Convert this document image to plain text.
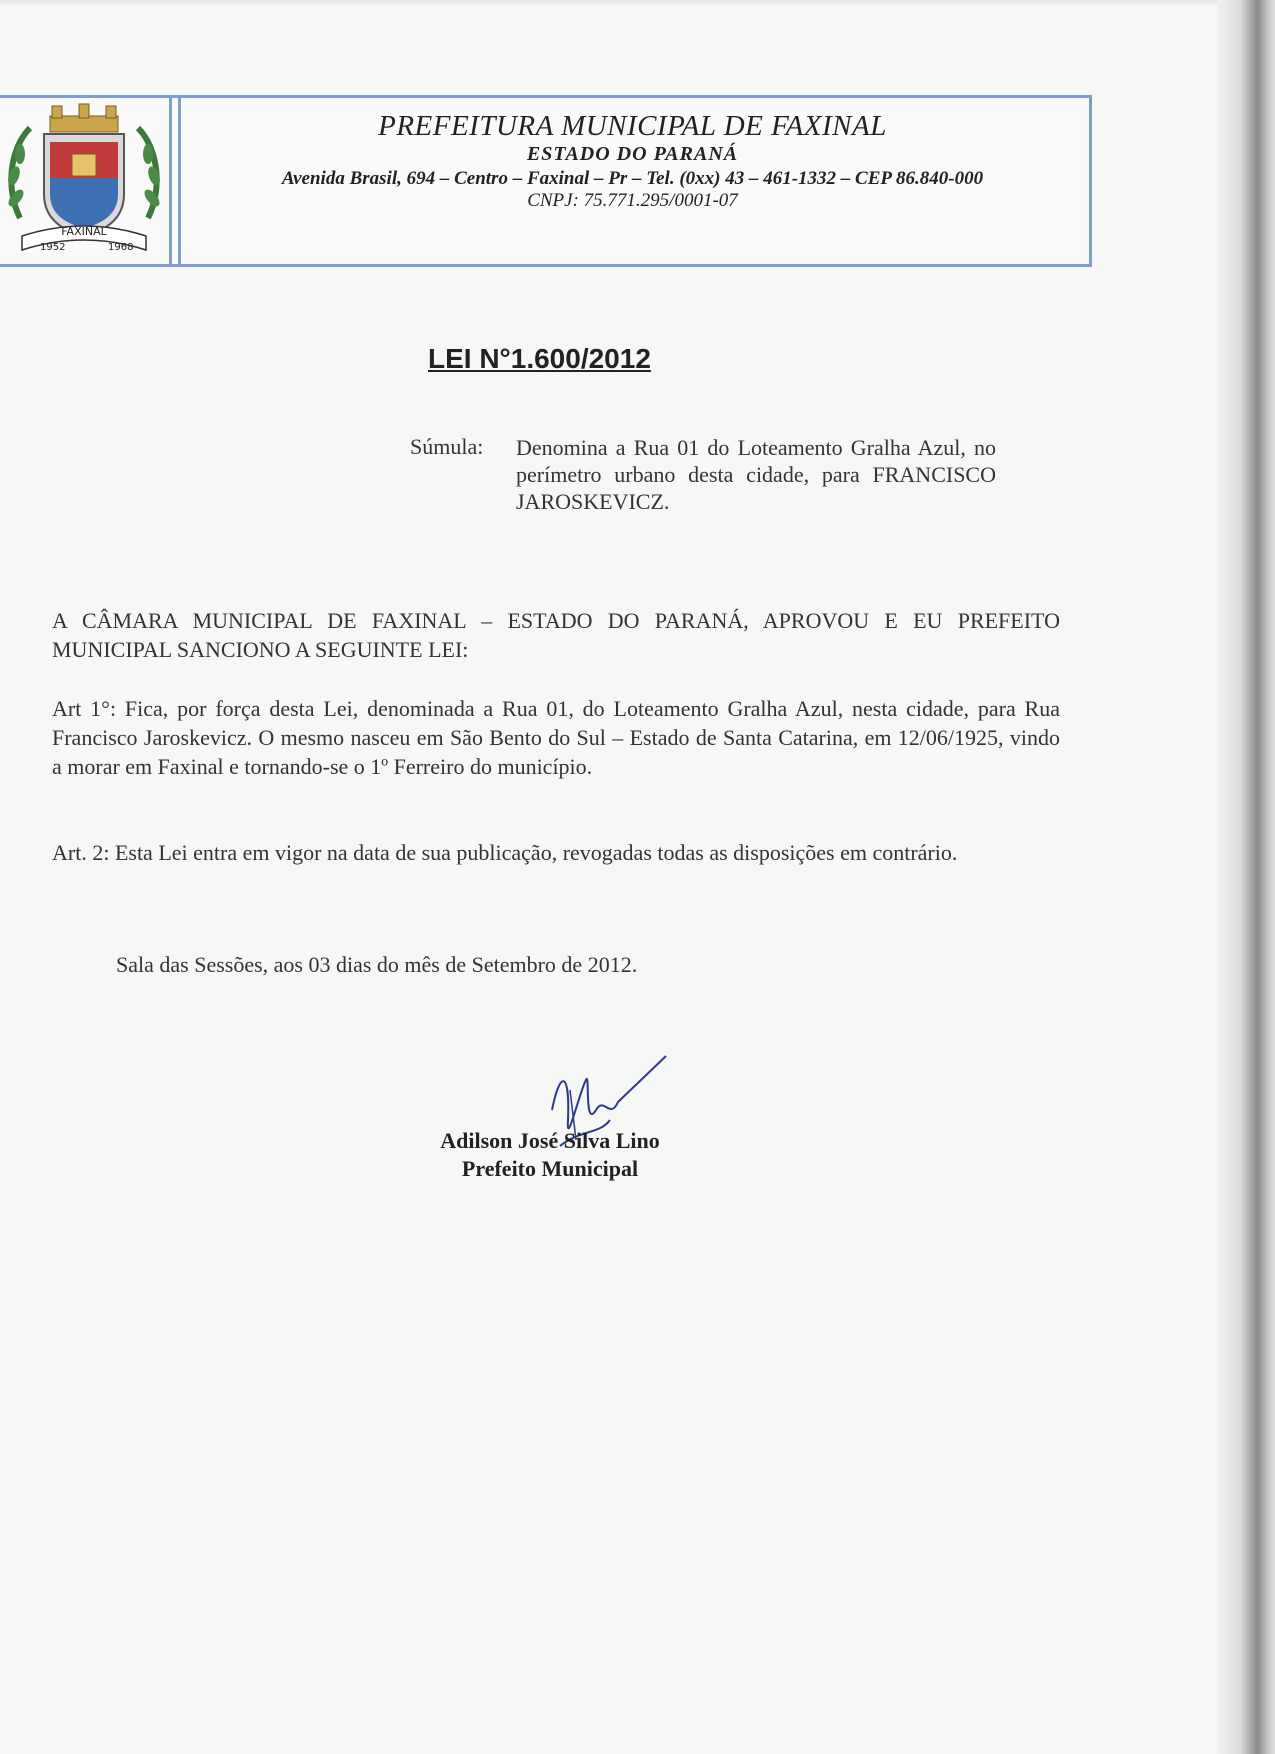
FAXINAL
1952	1968
PREFEITURA MUNICIPAL DE FAXINAL
ESTADO DO PARANÁ
Avenida Brasil, 694 – Centro – Faxinal – Pr – Tel. (0xx) 43 – 461-1332 – CEP 86.840-000
CNPJ: 75.771.295/0001-07
LEI N°1.600/2012
Súmula: Denomina a Rua 01 do Loteamento Gralha Azul, no perímetro urbano desta cidade, para FRANCISCO JAROSKEVICZ.
A CÂMARA MUNICIPAL DE FAXINAL – ESTADO DO PARANÁ, APROVOU E EU PREFEITO MUNICIPAL SANCIONO A SEGUINTE LEI:
Art 1°: Fica, por força desta Lei, denominada a Rua 01, do Loteamento Gralha Azul, nesta cidade, para Rua Francisco Jaroskevicz. O mesmo nasceu em São Bento do Sul – Estado de Santa Catarina, em 12/06/1925, vindo a morar em Faxinal e tornando-se o 1º Ferreiro do município.
Art. 2: Esta Lei entra em vigor na data de sua publicação, revogadas todas as disposições em contrário.
Sala das Sessões, aos 03 dias do mês de Setembro de 2012.
Adilson José Silva Lino
Prefeito Municipal
